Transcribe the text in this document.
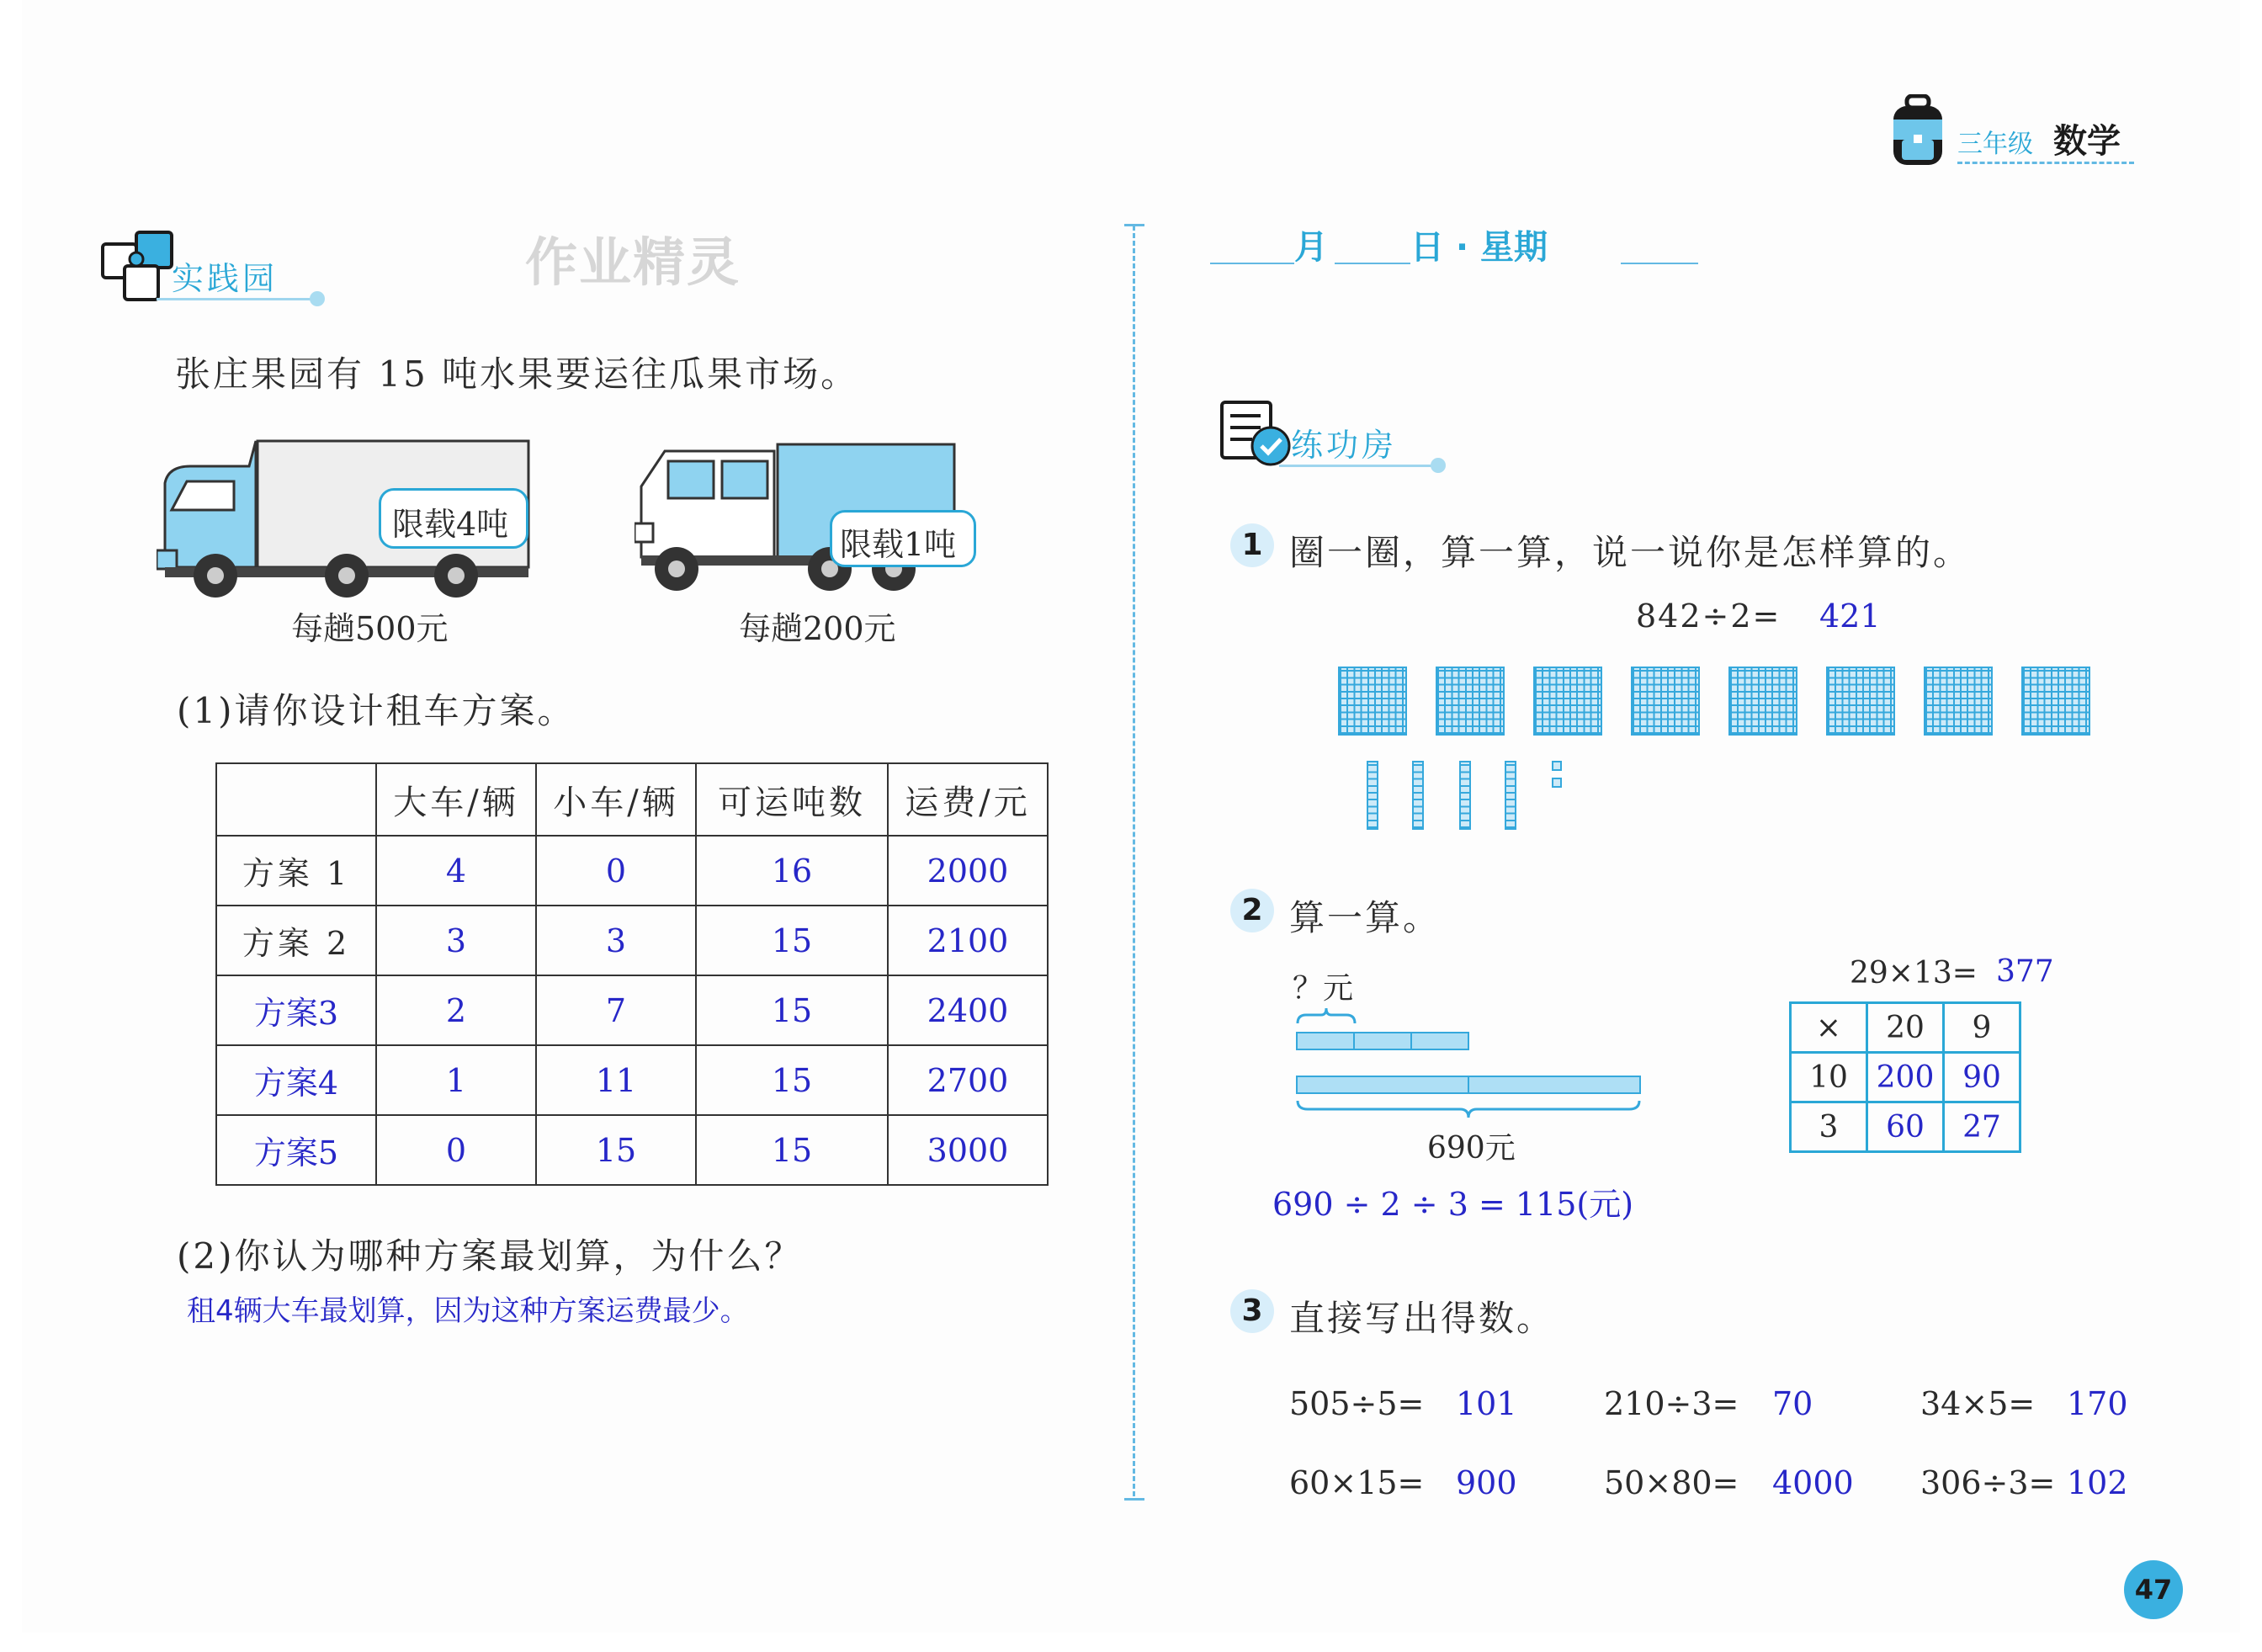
三年级 数学
月 日 · 星期
实践园	作业精灵
张庄果园有 15 吨水果要运往瓜果市场。
限载4吨
每趟500元
限载1吨
每趟200元
(1)请你设计租车方案。
	大车/辆	小车/辆	可运吨数	运费/元
方案 1	4	0	16	2000
方案 2	3	3	15	2100
方案3	2	7	15	2400
方案4	1	11	15	2700
方案5	0	15	15	3000
(2)你认为哪种方案最划算，为什么？
租4辆大车最划算，因为这种方案运费最少。
练功房
1 圈一圈，算一算，说一说你是怎样算的。
842÷2= 421
2 算一算。
？元
690元
690 ÷ 2 ÷ 3 = 115(元)
29×13= 377
×	20	9
10	200	90
3	60	27
3 直接写出得数。
505÷5= 101	210÷3= 70	34×5= 170
60×15= 900	50×80= 4000 306÷3= 102
47
